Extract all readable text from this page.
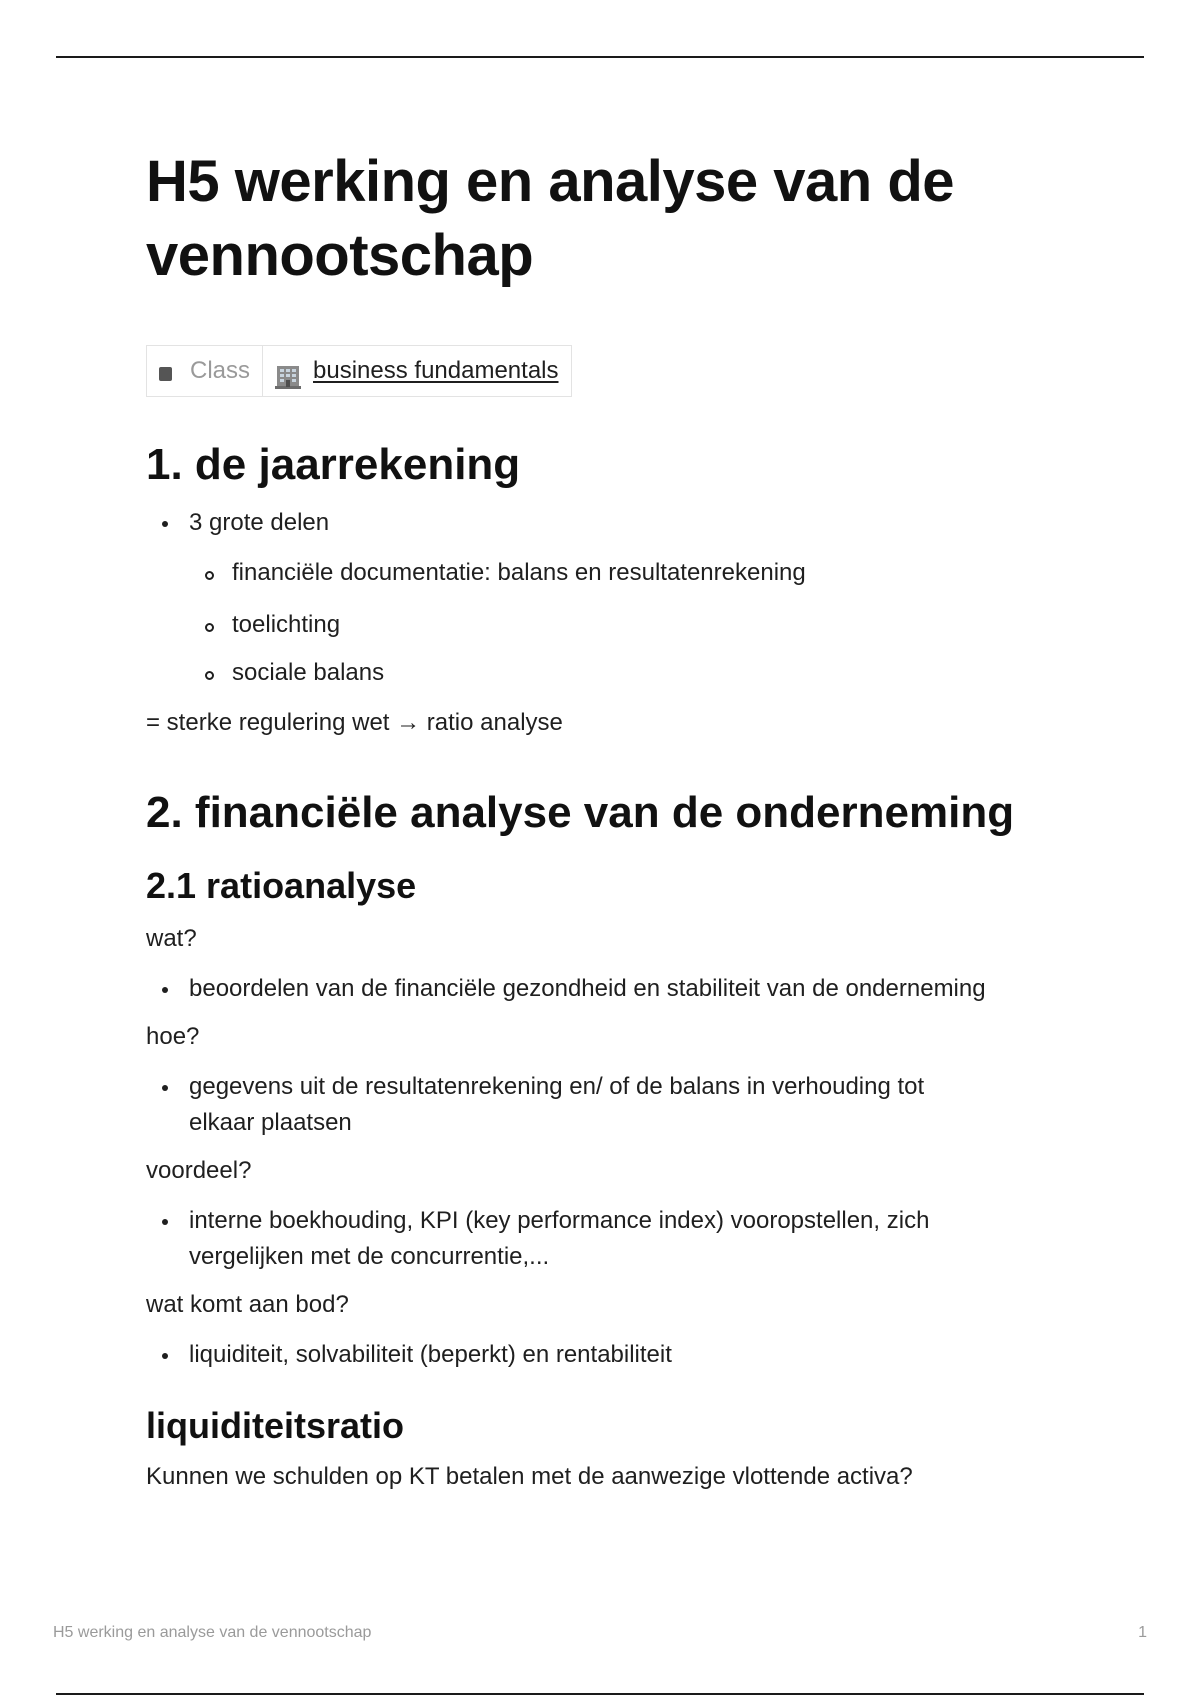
H5 werking en analyse van de vennootschap
Class	business fundamentals
1. de jaarrekening
3 grote delen
financiële documentatie: balans en resultatenrekening
toelichting
sociale balans

= sterke regulering wet → ratio analyse

2. financiële analyse van de onderneming
2.1 ratioanalyse

wat?

beoordelen van de financiële gezondheid en stabiliteit van de onderneming

hoe?

gegevens uit de resultatenrekening en/ of de balans in verhouding tot elkaar plaatsen

voordeel?

interne boekhouding, KPI (key performance index) vooropstellen, zich vergelijken met de concurrentie,...

wat komt aan bod?

liquiditeit, solvabiliteit (beperkt) en rentabiliteit
liquiditeitsratio

Kunnen we schulden op KT betalen met de aanwezige vlottende activa?

H5 werking en analyse van de vennootschap	1
